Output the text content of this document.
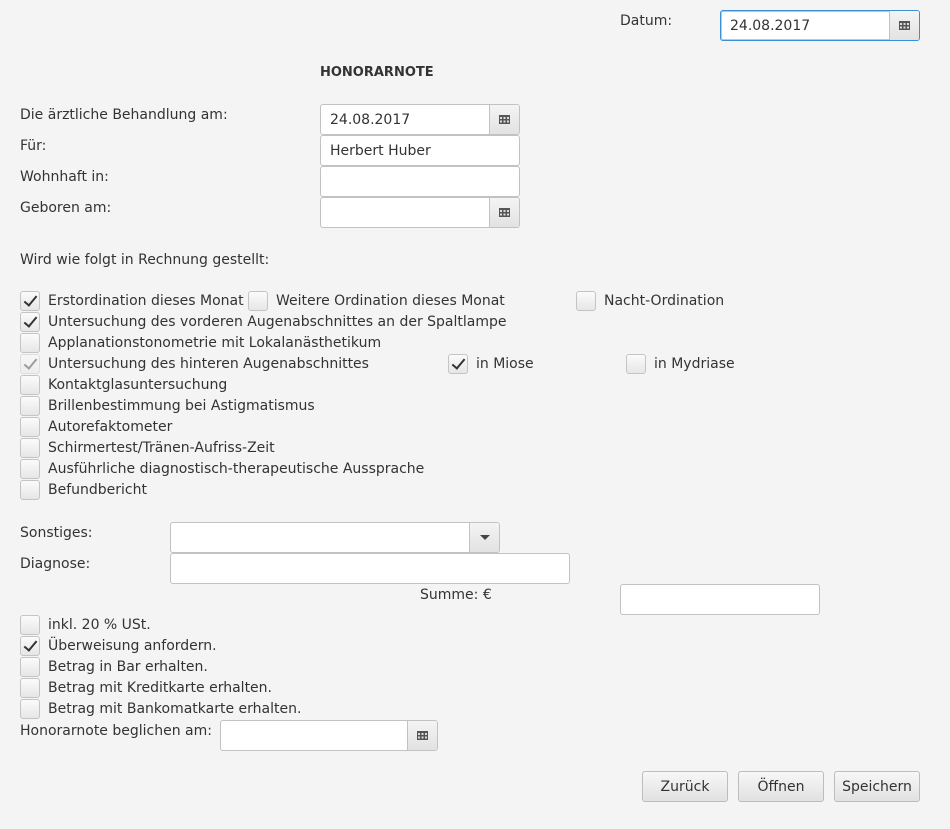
Datum:
24.08.2017
HONORARNOTE
Die ärztliche Behandlung am:
24.08.2017
Für:
Herbert Huber
Wohnhaft in:
Geboren am:
Wird wie folgt in Rechnung gestellt:
Erstordination dieses Monat Weitere Ordination dieses Monat	Nacht-Ordination
Untersuchung des vorderen Augenabschnittes an der Spaltlampe
Applanationstonometrie mit Lokalanästhetikum
Untersuchung des hinteren Augenabschnittes	in Miose	in Mydriase
Kontaktglasuntersuchung
Brillenbestimmung bei Astigmatismus
Autorefaktometer
Schirmertest/Tränen-Aufriss-Zeit
Ausführliche diagnostisch-therapeutische Aussprache
Befundbericht
Sonstiges:
Diagnose:
Summe: €
inkl. 20 % USt.
Überweisung anfordern.
Betrag in Bar erhalten.
Betrag mit Kreditkarte erhalten.
Betrag mit Bankomatkarte erhalten.
Honorarnote beglichen am:
Zurück	Öffnen	Speichern
